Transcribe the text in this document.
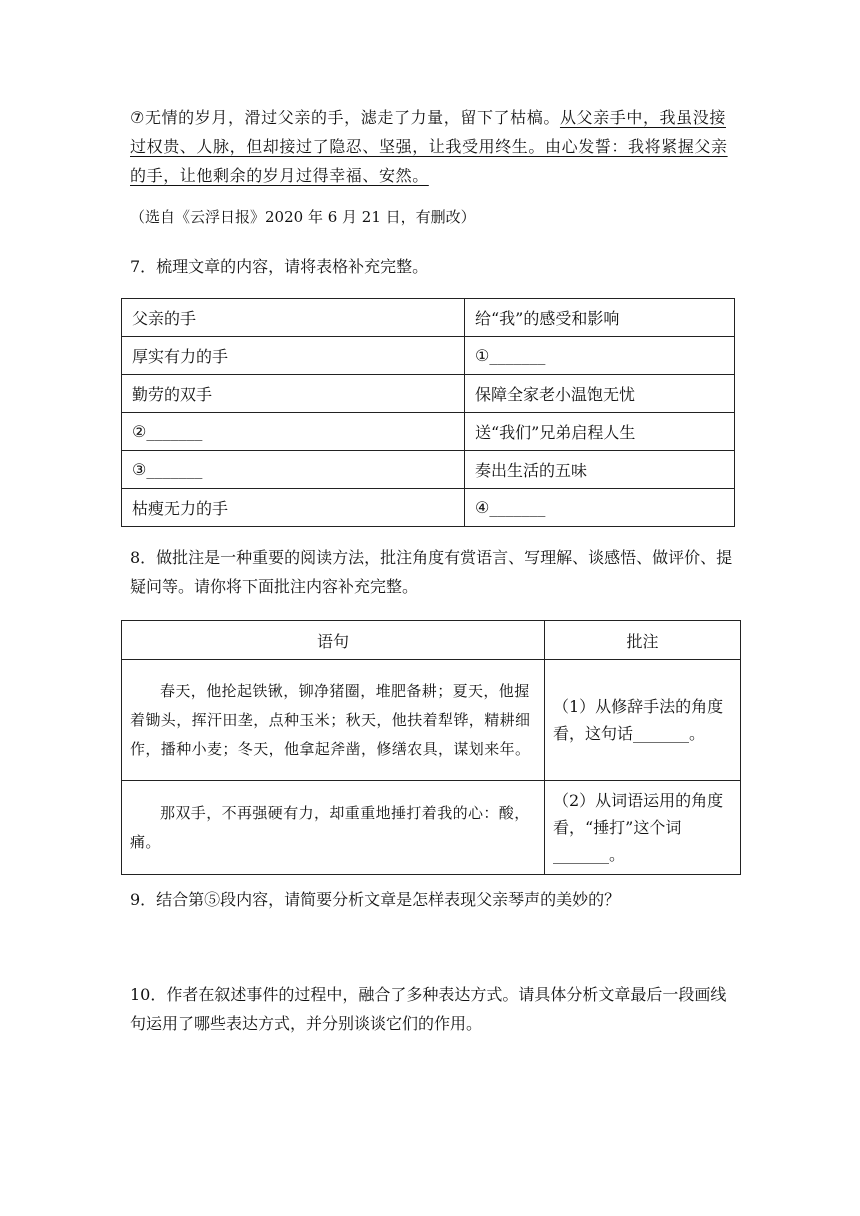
⑦无情的岁月，滑过父亲的手，滤走了力量，留下了枯槁。从父亲手中，我虽没接过权贵、人脉，但却接过了隐忍、坚强，让我受用终生。由心发誓：我将紧握父亲的手，让他剩余的岁月过得幸福、安然。
（选自《云浮日报》2020 年 6 月 21 日，有删改）
7．梳理文章的内容，请将表格补充完整。
父亲的手	给“我”的感受和影响
厚实有力的手	①_______
勤劳的双手	保障全家老小温饱无忧
②_______	送“我们”兄弟启程人生
③_______	奏出生活的五味
枯瘦无力的手	④_______
8．做批注是一种重要的阅读方法，批注角度有赏语言、写理解、谈感悟、做评价、提疑问等。请你将下面批注内容补充完整。
语句	批注
春天，他抡起铁锹，铆净猪圈，堆肥备耕；夏天，他握着锄头，挥汗田垄，点种玉米；秋天，他扶着犁铧，精耕细作，播种小麦；冬天，他拿起斧凿，修缮农具，谋划来年。	（1）从修辞手法的角度看，这句话_______。
那双手，不再强硬有力，却重重地捶打着我的心：酸，痛。	（2）从词语运用的角度看，“捶打”这个词_______。
9．结合第⑤段内容，请简要分析文章是怎样表现父亲琴声的美妙的？
10．作者在叙述事件的过程中，融合了多种表达方式。请具体分析文章最后一段画线句运用了哪些表达方式，并分别谈谈它们的作用。
